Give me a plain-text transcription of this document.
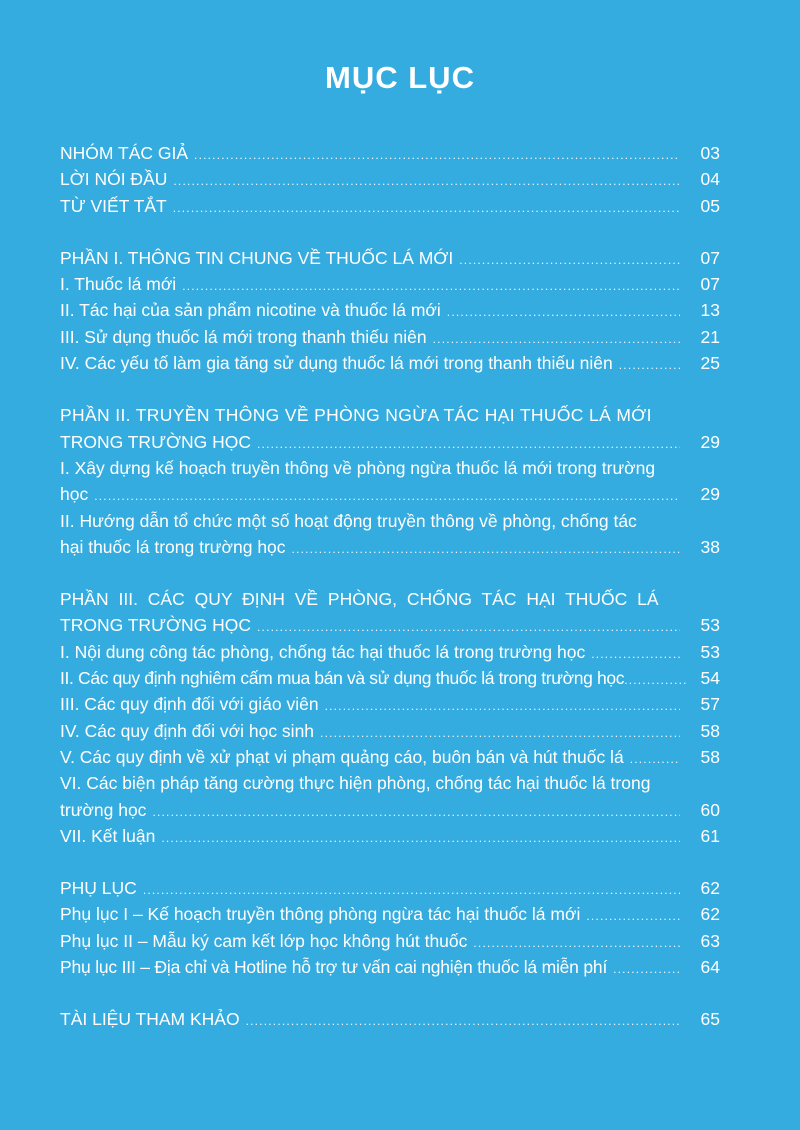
MỤC LỤC
NHÓM TÁC GIẢ .....	03
LỜI NÓI ĐẦU .....	04
TỪ VIẾT TẮT .....	05
PHẦN I. THÔNG TIN CHUNG VỀ THUỐC LÁ MỚI .....	07
I. Thuốc lá mới .....	07
II. Tác hại của sản phẩm nicotine và thuốc lá mới .....	13
III. Sử dụng thuốc lá mới trong thanh thiếu niên .....	21
IV. Các yếu tố làm gia tăng sử dụng thuốc lá mới trong thanh thiếu niên .....	25
PHẦN II. TRUYỀN THÔNG VỀ PHÒNG NGỪA TÁC HẠI THUỐC LÁ MỚI
TRONG TRƯỜNG HỌC .....	29
I. Xây dựng kế hoạch truyền thông về phòng ngừa thuốc lá mới trong trường
học .....	29
II. Hướng dẫn tổ chức một số hoạt động truyền thông về phòng, chống tác
hại thuốc lá trong trường học .....	38
PHẦN III. CÁC QUY ĐỊNH VỀ PHÒNG, CHỐNG TÁC HẠI THUỐC LÁ
TRONG TRƯỜNG HỌC .....	53
I. Nội dung công tác phòng, chống tác hại thuốc lá trong trường học .....	53
II. Các quy định nghiêm cấm mua bán và sử dụng thuốc lá trong trường học .....	54
III. Các quy định đối với giáo viên .....	57
IV. Các quy định đối với học sinh .....	58
V. Các quy định về xử phạt vi phạm quảng cáo, buôn bán và hút thuốc lá .....	58
VI. Các biện pháp tăng cường thực hiện phòng, chống tác hại thuốc lá trong
trường học .....	60
VII. Kết luận .....	61
PHỤ LỤC .....	62
Phụ lục I – Kế hoạch truyền thông phòng ngừa tác hại thuốc lá mới .....	62
Phụ lục II – Mẫu ký cam kết lớp học không hút thuốc .....	63
Phụ lục III – Địa chỉ và Hotline hỗ trợ tư vấn cai nghiện thuốc lá miễn phí .....	64
TÀI LIỆU THAM KHẢO .....	65
